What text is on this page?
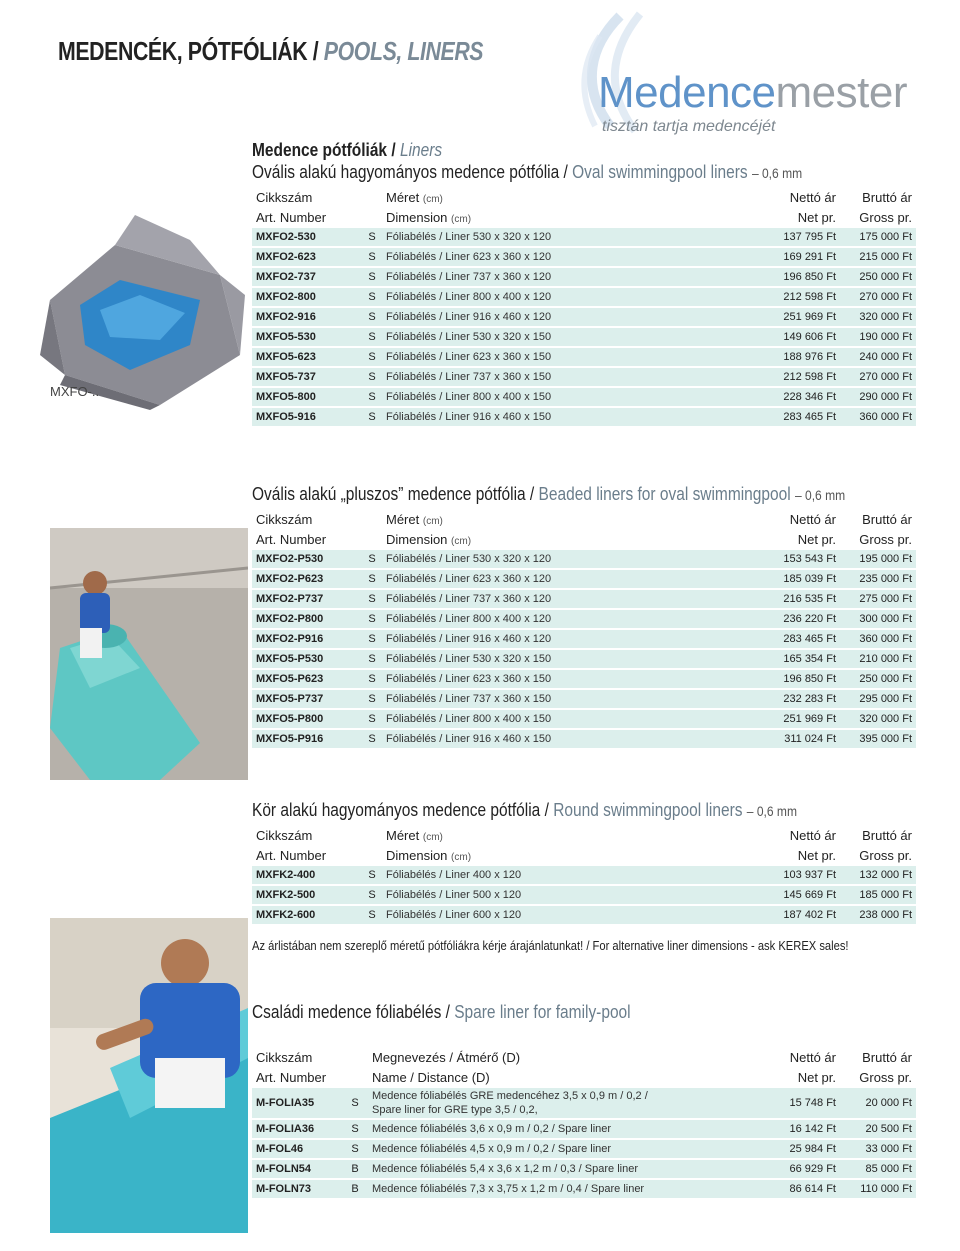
MEDENCÉK, PÓTFÓLIÁK / POOLS, LINERS
Medencemester
tisztán tartja medencéjét
MXFO-..
Medence pótfóliák / Liners
Ovális alakú hagyományos medence pótfólia / Oval swimmingpool liners – 0,6 mm
Cikkszám		Méret (cm)	Nettó ár	Bruttó ár
Art. Number		Dimension (cm)	Net pr.	Gross pr.
MXFO2-530	S	Fóliabélés / Liner 530 x 320 x 120	137 795 Ft	175 000 Ft
MXFO2-623	S	Fóliabélés / Liner 623 x 360 x 120	169 291 Ft	215 000 Ft
MXFO2-737	S	Fóliabélés / Liner 737 x 360 x 120	196 850 Ft	250 000 Ft
MXFO2-800	S	Fóliabélés / Liner 800 x 400 x 120	212 598 Ft	270 000 Ft
MXFO2-916	S	Fóliabélés / Liner 916 x 460 x 120	251 969 Ft	320 000 Ft
MXFO5-530	S	Fóliabélés / Liner 530 x 320 x 150	149 606 Ft	190 000 Ft
MXFO5-623	S	Fóliabélés / Liner 623 x 360 x 150	188 976 Ft	240 000 Ft
MXFO5-737	S	Fóliabélés / Liner 737 x 360 x 150	212 598 Ft	270 000 Ft
MXFO5-800	S	Fóliabélés / Liner 800 x 400 x 150	228 346 Ft	290 000 Ft
MXFO5-916	S	Fóliabélés / Liner 916 x 460 x 150	283 465 Ft	360 000 Ft
Ovális alakú „pluszos” medence pótfólia / Beaded liners for oval swimmingpool – 0,6 mm
Cikkszám		Méret (cm)	Nettó ár	Bruttó ár
Art. Number		Dimension (cm)	Net pr.	Gross pr.
MXFO2-P530	S	Fóliabélés / Liner 530 x 320 x 120	153 543 Ft	195 000 Ft
MXFO2-P623	S	Fóliabélés / Liner 623 x 360 x 120	185 039 Ft	235 000 Ft
MXFO2-P737	S	Fóliabélés / Liner 737 x 360 x 120	216 535 Ft	275 000 Ft
MXFO2-P800	S	Fóliabélés / Liner 800 x 400 x 120	236 220 Ft	300 000 Ft
MXFO2-P916	S	Fóliabélés / Liner 916 x 460 x 120	283 465 Ft	360 000 Ft
MXFO5-P530	S	Fóliabélés / Liner 530 x 320 x 150	165 354 Ft	210 000 Ft
MXFO5-P623	S	Fóliabélés / Liner 623 x 360 x 150	196 850 Ft	250 000 Ft
MXFO5-P737	S	Fóliabélés / Liner 737 x 360 x 150	232 283 Ft	295 000 Ft
MXFO5-P800	S	Fóliabélés / Liner 800 x 400 x 150	251 969 Ft	320 000 Ft
MXFO5-P916	S	Fóliabélés / Liner 916 x 460 x 150	311 024 Ft	395 000 Ft
Kör alakú hagyományos medence pótfólia / Round swimmingpool liners – 0,6 mm
Cikkszám		Méret (cm)	Nettó ár	Bruttó ár
Art. Number		Dimension (cm)	Net pr.	Gross pr.
MXFK2-400	S	Fóliabélés / Liner 400 x 120	103 937 Ft	132 000 Ft
MXFK2-500	S	Fóliabélés / Liner 500 x 120	145 669 Ft	185 000 Ft
MXFK2-600	S	Fóliabélés / Liner 600 x 120	187 402 Ft	238 000 Ft
Az árlistában nem szereplő méretű pótfóliákra kérje árajánlatunkat! / For alternative liner dimensions - ask KEREX sales!
Családi medence fóliabélés / Spare liner for family-pool
Cikkszám		Megnevezés / Átmérő (D)	Nettó ár	Bruttó ár
Art. Number		Name / Distance (D)	Net pr.	Gross pr.
M-FOLIA35	S	Medence fóliabélés GRE medencéhez 3,5 x 0,9 m / 0,2 /
Spare liner for GRE type 3,5 / 0,2,	15 748 Ft	20 000 Ft
M-FOLIA36	S	Medence fóliabélés 3,6 x 0,9 m / 0,2 / Spare liner	16 142 Ft	20 500 Ft
M-FOL46	S	Medence fóliabélés 4,5 x 0,9 m / 0,2 / Spare liner	25 984 Ft	33 000 Ft
M-FOLN54	B	Medence fóliabélés 5,4 x 3,6 x 1,2 m / 0,3 / Spare liner	66 929 Ft	85 000 Ft
M-FOLN73	B	Medence fóliabélés 7,3 x 3,75 x 1,2 m / 0,4 / Spare liner	86 614 Ft	110 000 Ft
